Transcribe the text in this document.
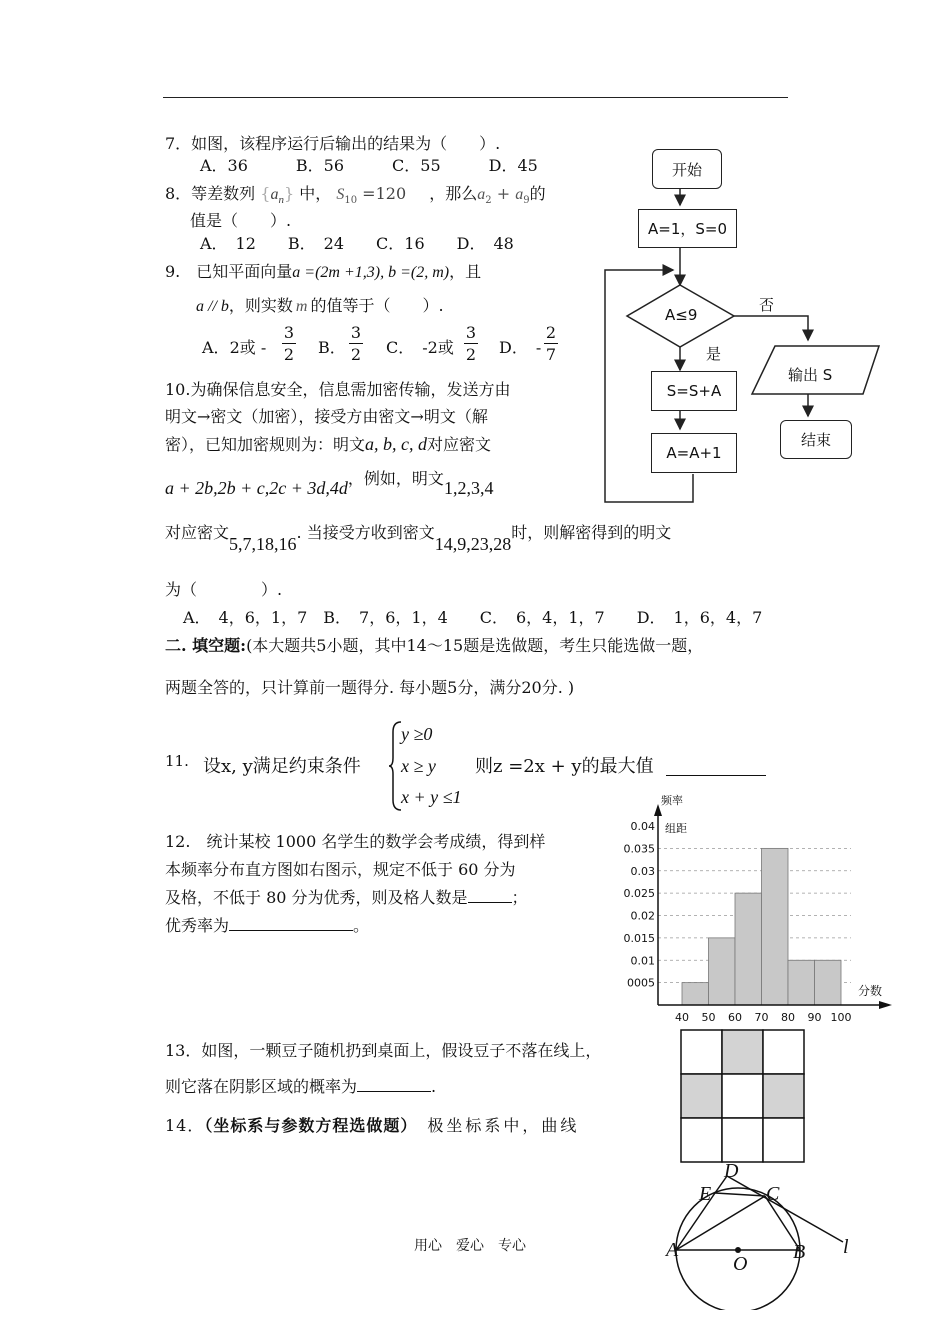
7．如图，该程序运行后输出的结果为（　　）.
A．36　　　B．56　　　C．55　　　D．45
8．等差数列 $\{a_n\}$ 中， $S_{10} =120$ ，那么$a_2 + a_9$的
值是（　　）.
A．　12　　B．　24　　C．16　　D．　48
9.　已知平面向量a =(2m +1,3), b =(2, m)，且
a // b，则实数 m 的值等于（　　）.
A．2或 - $\frac{3}{2}$ B． $\frac{3}{2}$ C． -2或 $\frac{3}{2}$ D． - $\frac{2}{7}$
10.为确保信息安全，信息需加密传输，发送方由
明文→密文（加密），接受方由密文→明文（解
密），已知加密规则为：明文a, b, c, d对应密文
a + 2b,2b + c,2c + 3d,4d，例如，明文1,2,3,4
对应密文5,7,18,16. 当接受方收到密文14,9,23,28时，则解密得到的明文
为（　　　　）.
A．　4，6，1，7　B．　7，6，1，4　　C．　6，4，1，7　　D．　1，6，4，7
二. 填空题:(本大题共5小题，其中14～15题是选做题，考生只能选做一题，
两题全答的，只计算前一题得分. 每小题5分，满分20分. )
11. 设x, y满足约束条件
y ≥0
x ≥ y
x + y ≤1
则z =2x + y的最大值
12.　统计某校 1000 名学生的数学会考成绩，得到样
本频率分布直方图如右图示，规定不低于 60 分为
及格，不低于 80 分为优秀，则及格人数是	；
优秀率为	。
13．如图，一颗豆子随机扔到桌面上，假设豆子不落在线上，
则它落在阴影区域的概率为	.
14．（坐标系与参数方程选做题） 极坐标系中，曲线
用心　爱心　专心
开始
A=1，S=0
A≤9
否
是
S=S+A
A=A+1
输出 S
结束
0.04
0.035
0.03
0.025
0.02
0.015
0.01
0005
40 50 60 70 80 90 100
频率
组距
分数
A	B
C
D
E
O
l
